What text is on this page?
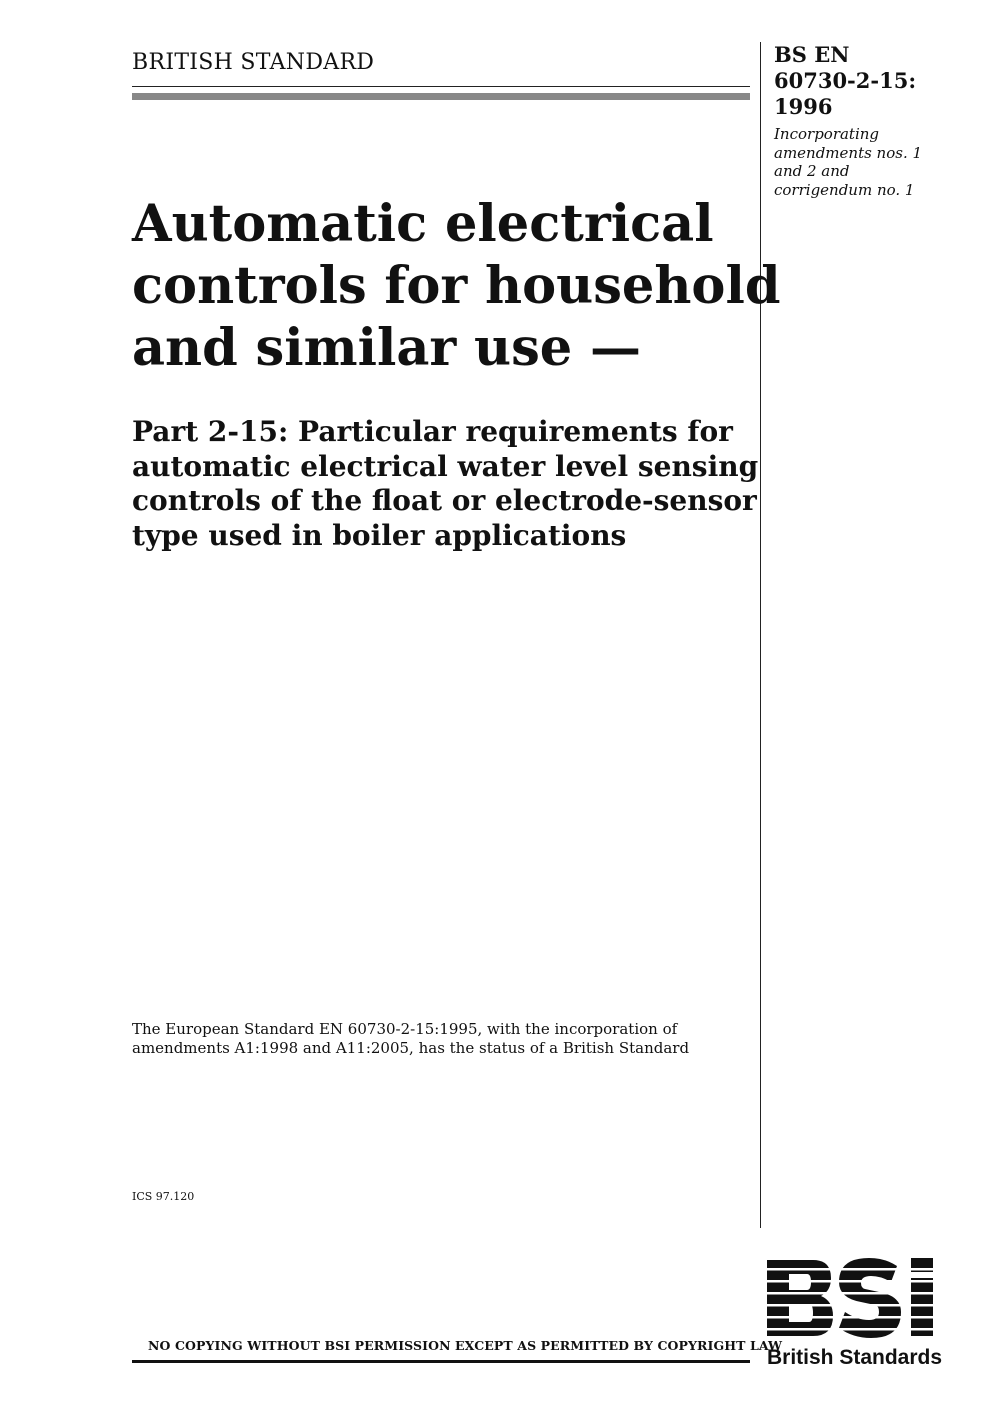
BRITISH STANDARD	BS EN
60730-2-15:
1996
Incorporating
amendments nos. 1
and 2 and
corrigendum no. 1
Automatic electrical
controls for household
and similar use —
Part 2-15: Particular requirements for
automatic electrical water level sensing
controls of the float or electrode-sensor
type used in boiler applications
The European Standard EN 60730-2-15:1995, with the incorporation of
amendments A1:1998 and A11:2005, has the status of a British Standard
ICS 97.120
NO COPYING WITHOUT BSI PERMISSION EXCEPT AS PERMITTED BY COPYRIGHT LAW
British Standards
